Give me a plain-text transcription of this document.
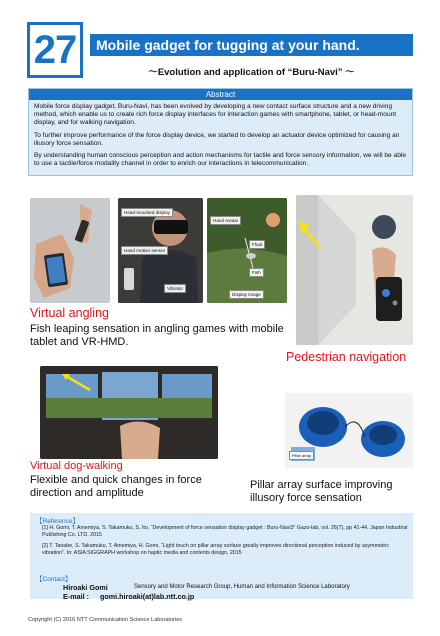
27	Mobile gadget for tugging at your hand.
〜Evolution and application of “Buru-Navi” 〜
Abstract

Mobile force display gadget, Buru-Navi, has been evolved by developing a new contact surface structure and a new driving method, which enable us to create rich force display interfaces for interaction games with smartphone, tablet, or head-mount display, and for walking navigation.

To further improve performance of the force display device, we started to develop an actuator device optimized for causing an illusory force sensation.

By understanding human conscious perception and action mechanisms for tactile and force sensory information, we will be able to use a tactile/force modality channel in order to enrich our interactions in telecommunication.

Head-mounted display
Hand motion sensor
Vibrator
Hand Avatar
Float
Fish
Display image
Virtual angling
Fish leaping sensation in angling games with mobile tablet and VR-HMD.
Pedestrian navigation
Pillar array
Virtual dog-walking
Flexible and quick changes in force direction and amplitude
Pillar array surface improving illusory force sensation
【Reference】
[1] H. Gomi, T. Amemiya, S. Takamuku, S. Ito, “Development of force sensation display gadget : Buru-Navi3” Gazo-lab, vol. 26(7), pp 41-44. Japan Industrial Publishing Co. LTD. 2015
[2] T. Tanabe, S. Takamuku, T. Amemiya, H. Gomi, “Light touch on pillar array surface greatly improves directional perception induced by asymmetric vibration”. In: ASIA SIGGRAPH workshop on haptic media and contents design, 2015
【Contact】
Hiroaki Gomi	Sensory and Motor Research Group, Human and Information Science Laboratory
E-mail : gomi.hiroaki(at)lab.ntt.co.jp
Copyright (C) 2016 NTT Communication Science Laboratories
